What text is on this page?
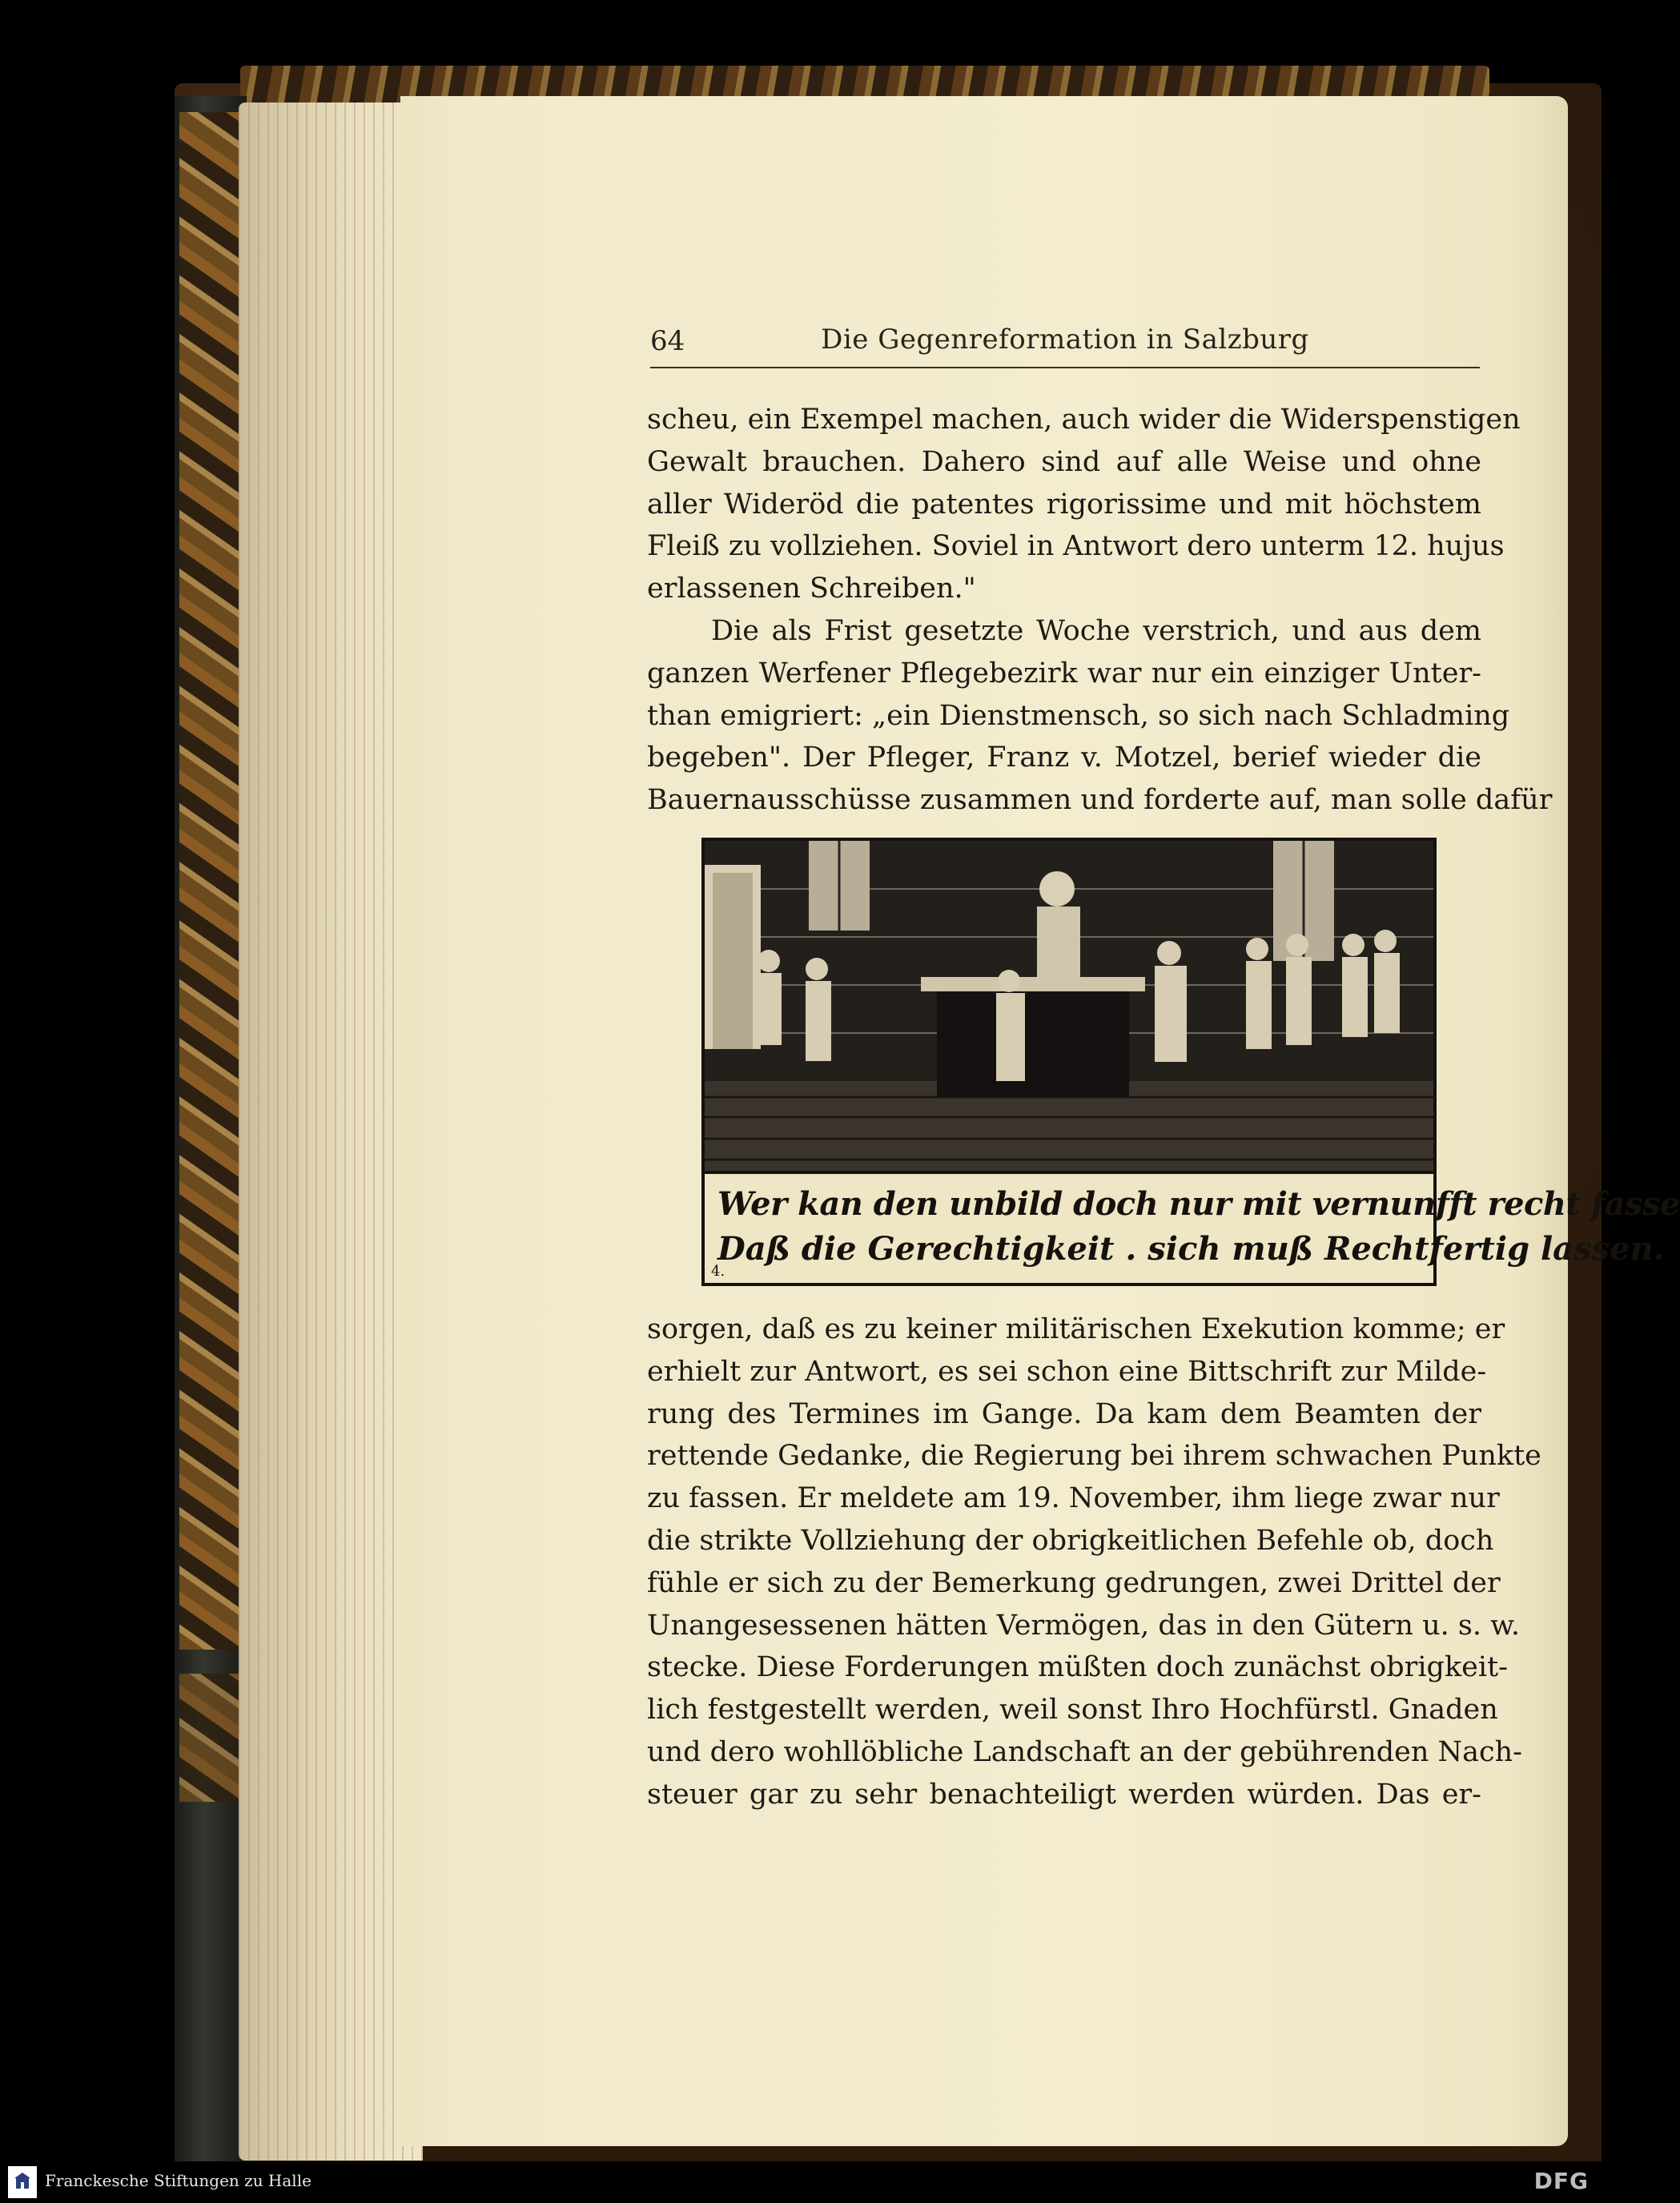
64	Die Gegenreformation in Salzburg
scheu, ein Exempel machen, auch wider die Widerspenstigen
Gewalt brauchen. Dahero sind auf alle Weise und ohne
aller Wideröd die patentes rigorissime und mit höchstem
Fleiß zu vollziehen. Soviel in Antwort dero unterm 12. hujus
erlassenen Schreiben."
Die als Frist gesetzte Woche verstrich, und aus dem
ganzen Werfener Pflegebezirk war nur ein einziger Unter-
than emigriert: „ein Dienstmensch, so sich nach Schladming
begeben". Der Pfleger, Franz v. Motzel, berief wieder die
Bauernausschüsse zusammen und forderte auf, man solle dafür
Wer kan den unbild doch nur mit vernunfft recht fasse
Daß die Gerechtigkeit . sich muß Rechtfertig lassen.
4.
sorgen, daß es zu keiner militärischen Exekution komme; er
erhielt zur Antwort, es sei schon eine Bittschrift zur Milde-
rung des Termines im Gange. Da kam dem Beamten der
rettende Gedanke, die Regierung bei ihrem schwachen Punkte
zu fassen. Er meldete am 19. November, ihm liege zwar nur
die strikte Vollziehung der obrigkeitlichen Befehle ob, doch
fühle er sich zu der Bemerkung gedrungen, zwei Drittel der
Unangesessenen hätten Vermögen, das in den Gütern u. s. w.
stecke. Diese Forderungen müßten doch zunächst obrigkeit-
lich festgestellt werden, weil sonst Ihro Hochfürstl. Gnaden
und dero wohllöbliche Landschaft an der gebührenden Nach-
steuer gar zu sehr benachteiligt werden würden. Das er-
Franckesche Stiftungen zu Halle	DFG
